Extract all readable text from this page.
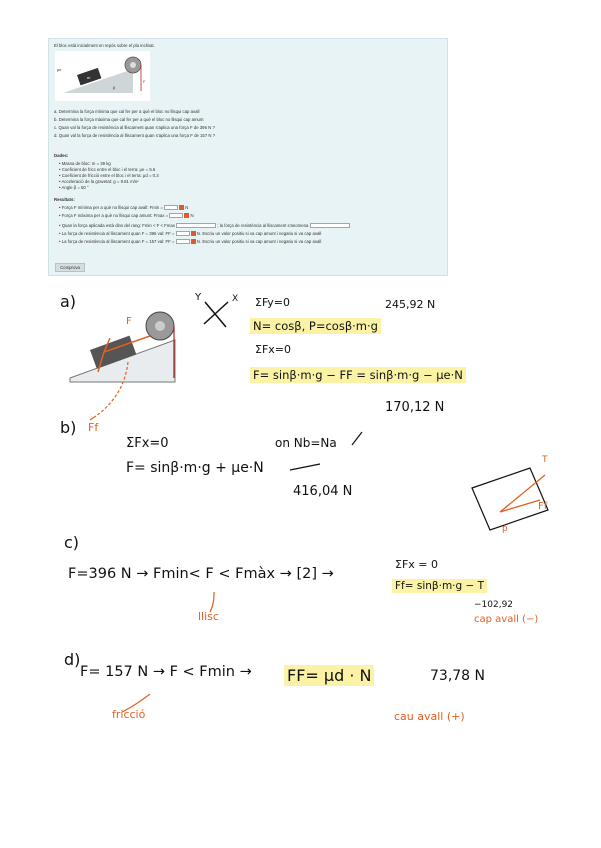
El bloc està inicialment en repòs sobre el pla inclinat.
m
μe
β
F
a. Determina la força mínima que cal fer per a què el bloc no llisqui cap avall
b. Determina la força màxima que cal fer per a què el bloc no llisqui cap amunt
c. Quan val la força de resistència al lliscament quan s'aplica una força F de 396 N ?
d. Quan val la força de resistència al lliscament quan s'aplica una força F de 157 N ?
Dades:
• Massa de bloc: m = 39 kg
• Coeficient de fricc entre el bloc i el terra: μe = 5.6
• Coeficient de fricció entre el bloc i el terra: μd = 0.3
• Acceleració de la gravetat: g = 9.81 m/s²
• Angle β = 50 °
Resultats:
• Força F mínima per a què no llisqui cap avall: Fmin =	N
• Força F màxima per a què no llisqui cap amunt: Fmax =	N
• Quan la força aplicada està dins del rang: Fmin < F < Fmax	; la força de resistència al lliscament s'anomena
• La força de resistència al lliscament quan F = 396 val: FF =	N. Escriu un valor positiu si va cap amunt i negatiu si va cap avall
• La força de resistència al lliscament quan F = 157 val: FF =	N. Escriu un valor positiu si va cap amunt i negatiu si va cap avall
Comprova
a)
F
Ff
Y	X ΣFy=0	245,92 N
N= cosβ, P=cosβ·m·g
ΣFx=0
F= sinβ·m·g − FF = sinβ·m·g − μe·N
170,12 N
b)
ΣFx=0	on Nb=Na
F= sinβ·m·g + μe·N
416,04 N
T
Ff
p
c)
ΣFx = 0
F=396 N → Fmin< F < Fmàx → [2] →
Ff= sinβ·m·g − T
−102,92
llisc	cap avall (−)
d)
F= 157 N → F < Fmin → FF= μd · N	73,78 N
fricció	cau avall (+)
